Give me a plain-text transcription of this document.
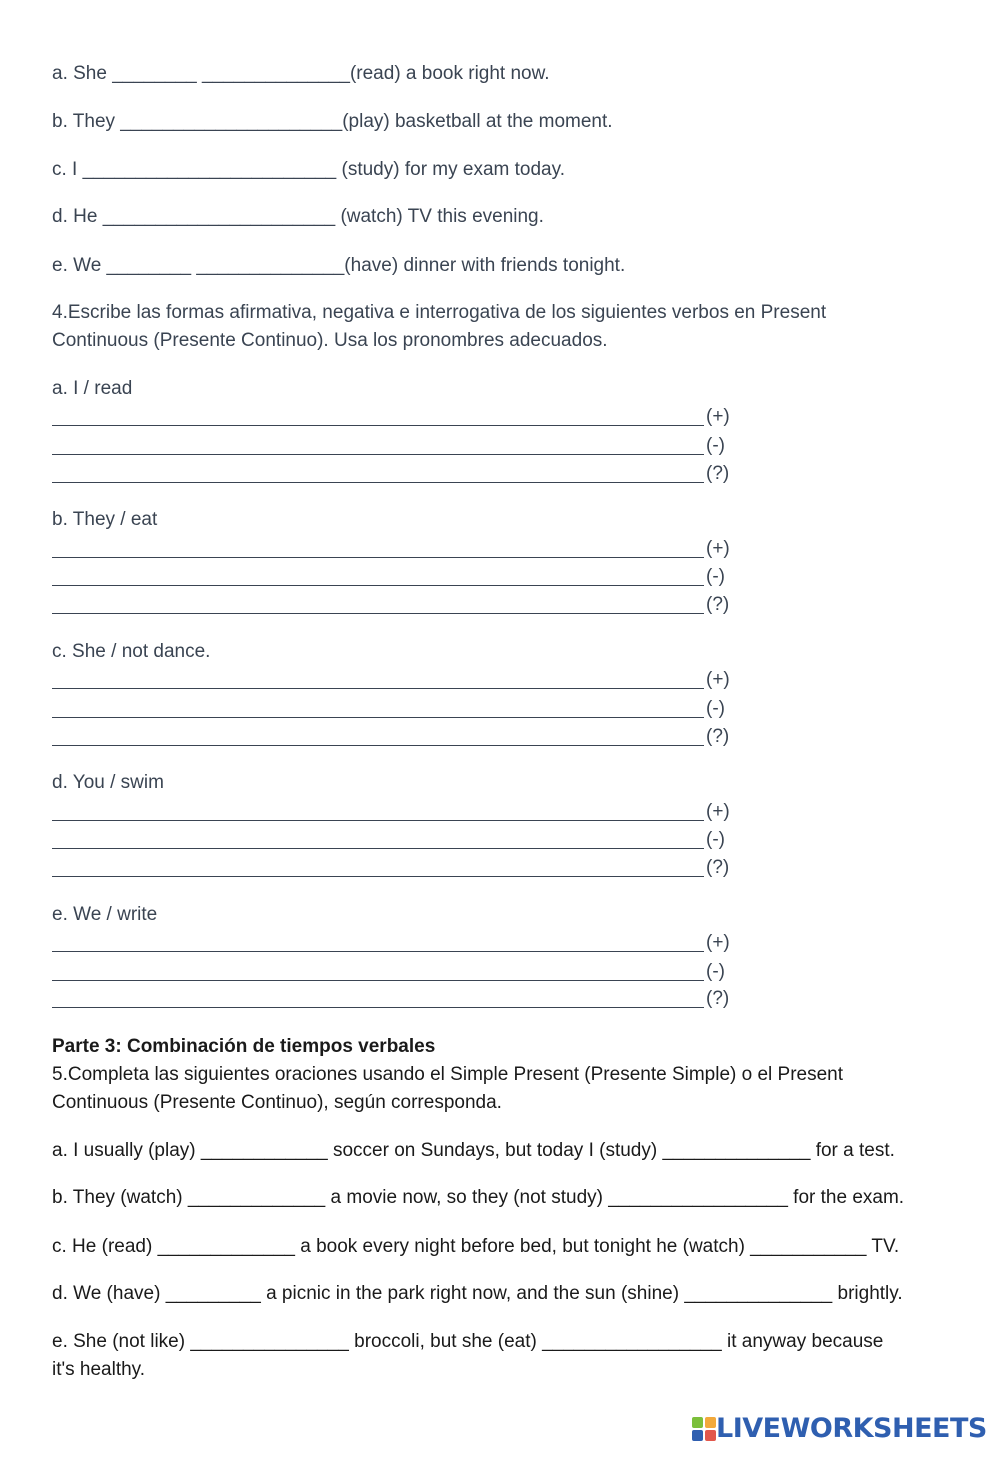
a. She ________ ______________(read) a book right now.
b. They _____________________(play) basketball at the moment.
c. I ________________________ (study) for my exam today.
d. He ______________________ (watch) TV this evening.
e. We ________ ______________(have) dinner with friends tonight.
4.Escribe las formas afirmativa, negativa e interrogativa de los siguientes verbos en Present
Continuous (Presente Continuo). Usa los pronombres adecuados.
a. I / read
(+)
(-)
(?)
b. They / eat
(+)
(-)
(?)
c. She / not dance.
(+)
(-)
(?)
d. You / swim
(+)
(-)
(?)
e. We / write
(+)
(-)
(?)
Parte 3: Combinación de tiempos verbales
5.Completa las siguientes oraciones usando el Simple Present (Presente Simple) o el Present
Continuous (Presente Continuo), según corresponda.
a. I usually (play) ____________ soccer on Sundays, but today I (study) ______________ for a test.
b. They (watch) _____________ a movie now, so they (not study) _________________ for the exam.
c. He (read) _____________ a book every night before bed, but tonight he (watch) ___________ TV.
d. We (have) _________ a picnic in the park right now, and the sun (shine) ______________ brightly.
e. She (not like) _______________ broccoli, but she (eat) _________________ it anyway because
it's healthy.
LIVEWORKSHEETS
